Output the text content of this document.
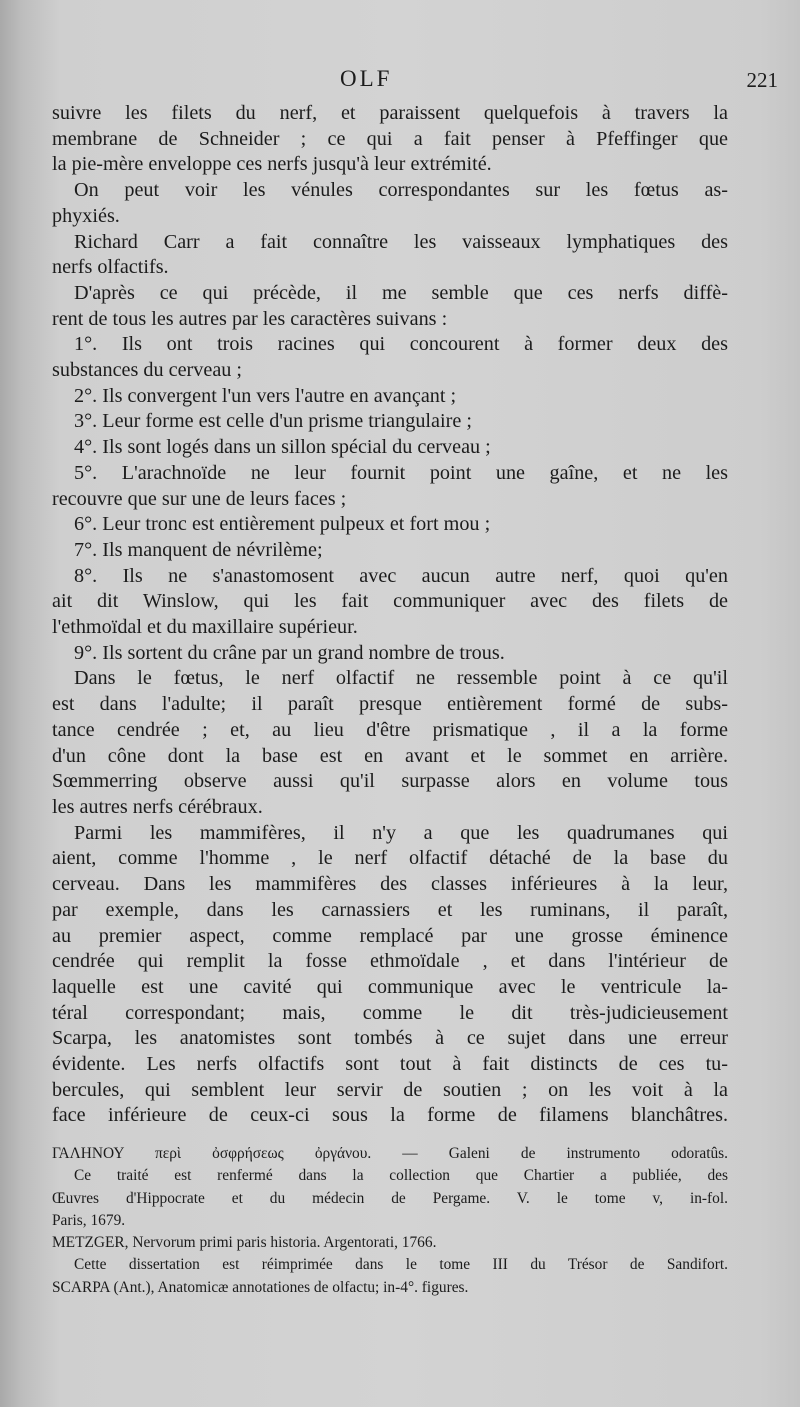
OLF	221
suivre les filets du nerf, et paraissent quelquefois à travers la
membrane de Schneider ; ce qui a fait penser à Pfeffinger que
la pie-mère enveloppe ces nerfs jusqu'à leur extrémité.
On peut voir les vénules correspondantes sur les fœtus as-
phyxiés.
Richard Carr a fait connaître les vaisseaux lymphatiques des
nerfs olfactifs.
D'après ce qui précède, il me semble que ces nerfs diffè-
rent de tous les autres par les caractères suivans :
1°. Ils ont trois racines qui concourent à former deux des
substances du cerveau ;
2°. Ils convergent l'un vers l'autre en avançant ;
3°. Leur forme est celle d'un prisme triangulaire ;
4°. Ils sont logés dans un sillon spécial du cerveau ;
5°. L'arachnoïde ne leur fournit point une gaîne, et ne les
recouvre que sur une de leurs faces ;
6°. Leur tronc est entièrement pulpeux et fort mou ;
7°. Ils manquent de névrilème;
8°. Ils ne s'anastomosent avec aucun autre nerf, quoi qu'en
ait dit Winslow, qui les fait communiquer avec des filets de
l'ethmoïdal et du maxillaire supérieur.
9°. Ils sortent du crâne par un grand nombre de trous.
Dans le fœtus, le nerf olfactif ne ressemble point à ce qu'il
est dans l'adulte; il paraît presque entièrement formé de subs-
tance cendrée ; et, au lieu d'être prismatique , il a la forme
d'un cône dont la base est en avant et le sommet en arrière.
Sœmmerring observe aussi qu'il surpasse alors en volume tous
les autres nerfs cérébraux.
Parmi les mammifères, il n'y a que les quadrumanes qui
aient, comme l'homme , le nerf olfactif détaché de la base du
cerveau. Dans les mammifères des classes inférieures à la leur,
par exemple, dans les carnassiers et les ruminans, il paraît,
au premier aspect, comme remplacé par une grosse éminence
cendrée qui remplit la fosse ethmoïdale , et dans l'intérieur de
laquelle est une cavité qui communique avec le ventricule la-
téral correspondant; mais, comme le dit très-judicieusement
Scarpa, les anatomistes sont tombés à ce sujet dans une erreur
évidente. Les nerfs olfactifs sont tout à fait distincts de ces tu-
bercules, qui semblent leur servir de soutien ; on les voit à la
face inférieure de ceux-ci sous la forme de filamens blanchâtres.
ΓΑΛΗΝΟΥ περὶ ὀσφρήσεως ὀργάνου. — Galeni de instrumento odoratûs.
Ce traité est renfermé dans la collection que Chartier a publiée, des
Œuvres d'Hippocrate et du médecin de Pergame. V. le tome v, in-fol.
Paris, 1679.
METZGER, Nervorum primi paris historia. Argentorati, 1766.
Cette dissertation est réimprimée dans le tome III du Trésor de Sandifort.
SCARPA (Ant.), Anatomicæ annotationes de olfactu; in-4°. figures.
